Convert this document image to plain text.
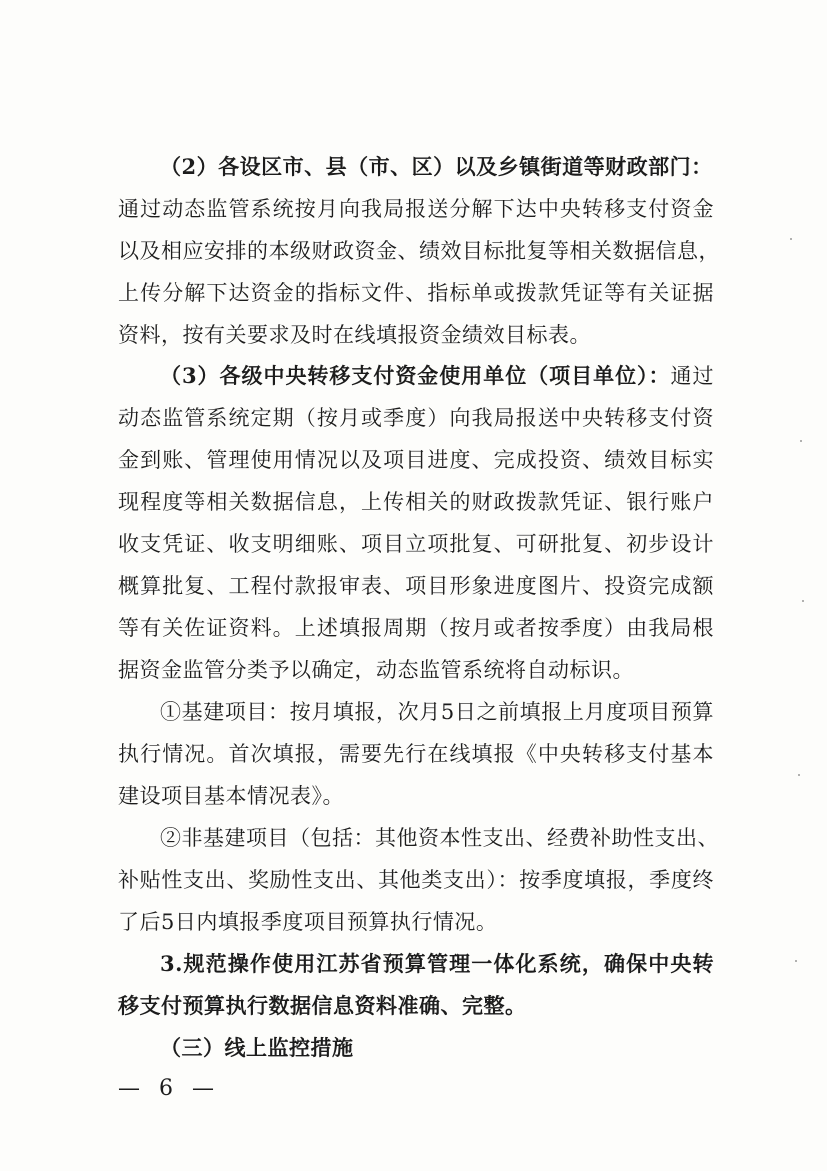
（2）各设区市、县（市、区）以及乡镇街道等财政部门：
通过动态监管系统按月向我局报送分解下达中央转移支付资金
以及相应安排的本级财政资金、绩效目标批复等相关数据信息，
上传分解下达资金的指标文件、指标单或拨款凭证等有关证据
资料，按有关要求及时在线填报资金绩效目标表。
（3）各级中央转移支付资金使用单位（项目单位）：通过
动态监管系统定期（按月或季度）向我局报送中央转移支付资
金到账、管理使用情况以及项目进度、完成投资、绩效目标实
现程度等相关数据信息，上传相关的财政拨款凭证、银行账户
收支凭证、收支明细账、项目立项批复、可研批复、初步设计
概算批复、工程付款报审表、项目形象进度图片、投资完成额
等有关佐证资料。上述填报周期（按月或者按季度）由我局根
据资金监管分类予以确定，动态监管系统将自动标识。
①基建项目：按月填报，次月5日之前填报上月度项目预算
执行情况。首次填报，需要先行在线填报《中央转移支付基本
建设项目基本情况表》。
②非基建项目（包括：其他资本性支出、经费补助性支出、
补贴性支出、奖励性支出、其他类支出）：按季度填报，季度终
了后5日内填报季度项目预算执行情况。
3.规范操作使用江苏省预算管理一体化系统，确保中央转
移支付预算执行数据信息资料准确、完整。
（三）线上监控措施
— 6 —
